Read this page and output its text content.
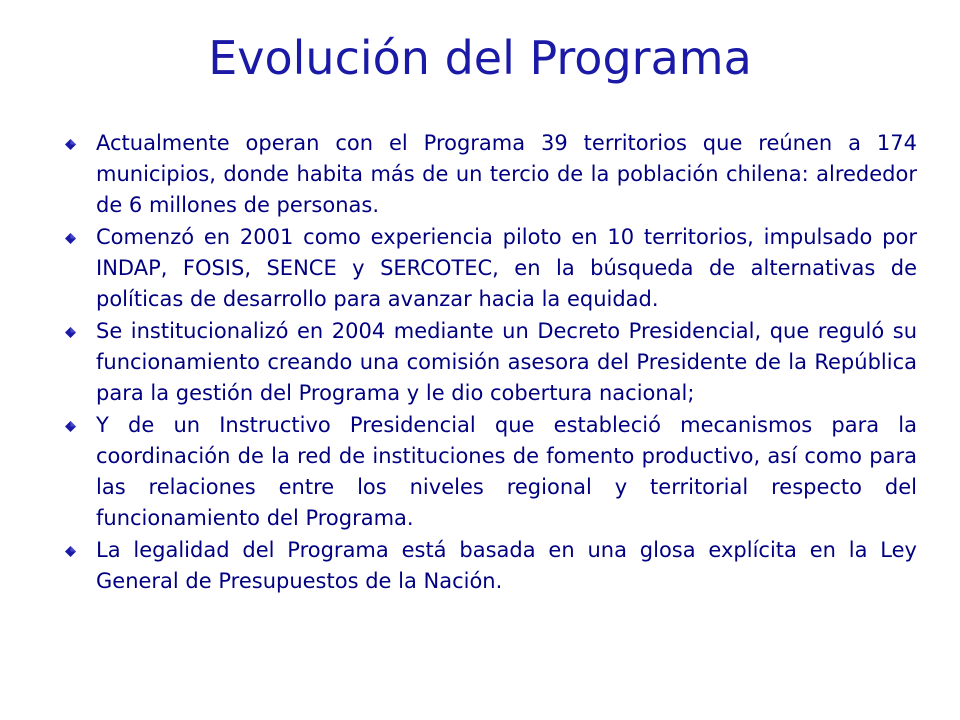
Evolución del Programa
Actualmente operan con el Programa 39 territorios que reúnen a 174 municipios, donde habita más de un tercio de la población chilena: alrededor de 6 millones de personas.
Comenzó en 2001 como experiencia piloto en 10 territorios, impulsado por INDAP, FOSIS, SENCE y SERCOTEC, en la búsqueda de alternativas de políticas de desarrollo para avanzar hacia la equidad.
Se institucionalizó en 2004 mediante un Decreto Presidencial, que reguló su funcionamiento creando una comisión asesora del Presidente de la República para la gestión del Programa y le dio cobertura nacional;
Y de un Instructivo Presidencial que estableció mecanismos para la coordinación de la red de instituciones de fomento productivo, así como para las relaciones entre los niveles regional y territorial respecto del funcionamiento del Programa.
La legalidad del Programa está basada en una glosa explícita en la Ley General de Presupuestos de la Nación.
